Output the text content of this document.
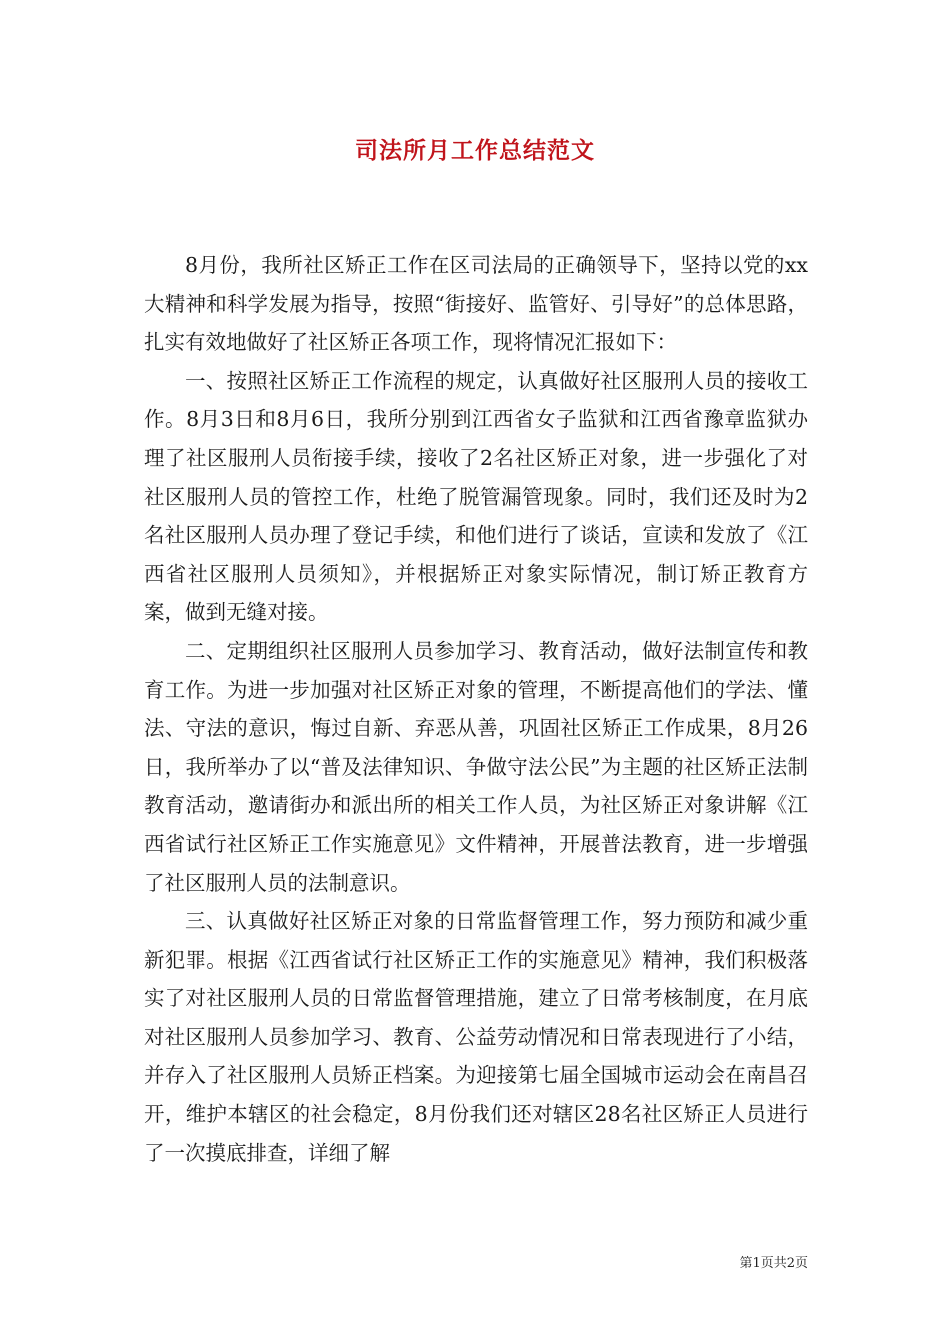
司法所月工作总结范文

8月份，我所社区矫正工作在区司法局的正确领导下，坚持以党的xx大精神和科学发展为指导，按照“街接好、监管好、引导好”的总体思路，扎实有效地做好了社区矫正各项工作，现将情况汇报如下：

一、按照社区矫正工作流程的规定，认真做好社区服刑人员的接收工作。8月3日和8月6日，我所分别到江西省女子监狱和江西省豫章监狱办理了社区服刑人员衔接手续，接收了2名社区矫正对象，进一步强化了对社区服刑人员的管控工作，杜绝了脱管漏管现象。同时，我们还及时为2名社区服刑人员办理了登记手续，和他们进行了谈话，宣读和发放了《江西省社区服刑人员须知》，并根据矫正对象实际情况，制订矫正教育方案，做到无缝对接。

二、定期组织社区服刑人员参加学习、教育活动，做好法制宣传和教育工作。为进一步加强对社区矫正对象的管理，不断提高他们的学法、懂法、守法的意识，悔过自新、弃恶从善，巩固社区矫正工作成果，8月26日，我所举办了以“普及法律知识、争做守法公民”为主题的社区矫正法制教育活动，邀请街办和派出所的相关工作人员，为社区矫正对象讲解《江西省试行社区矫正工作实施意见》文件精神，开展普法教育，进一步增强了社区服刑人员的法制意识。

三、认真做好社区矫正对象的日常监督管理工作，努力预防和减少重新犯罪。根据《江西省试行社区矫正工作的实施意见》精神，我们积极落实了对社区服刑人员的日常监督管理措施，建立了日常考核制度，在月底对社区服刑人员参加学习、教育、公益劳动情况和日常表现进行了小结，并存入了社区服刑人员矫正档案。为迎接第七届全国城市运动会在南昌召开，维护本辖区的社会稳定，8月份我们还对辖区28名社区矫正人员进行了一次摸底排查，详细了解

第1页共2页
